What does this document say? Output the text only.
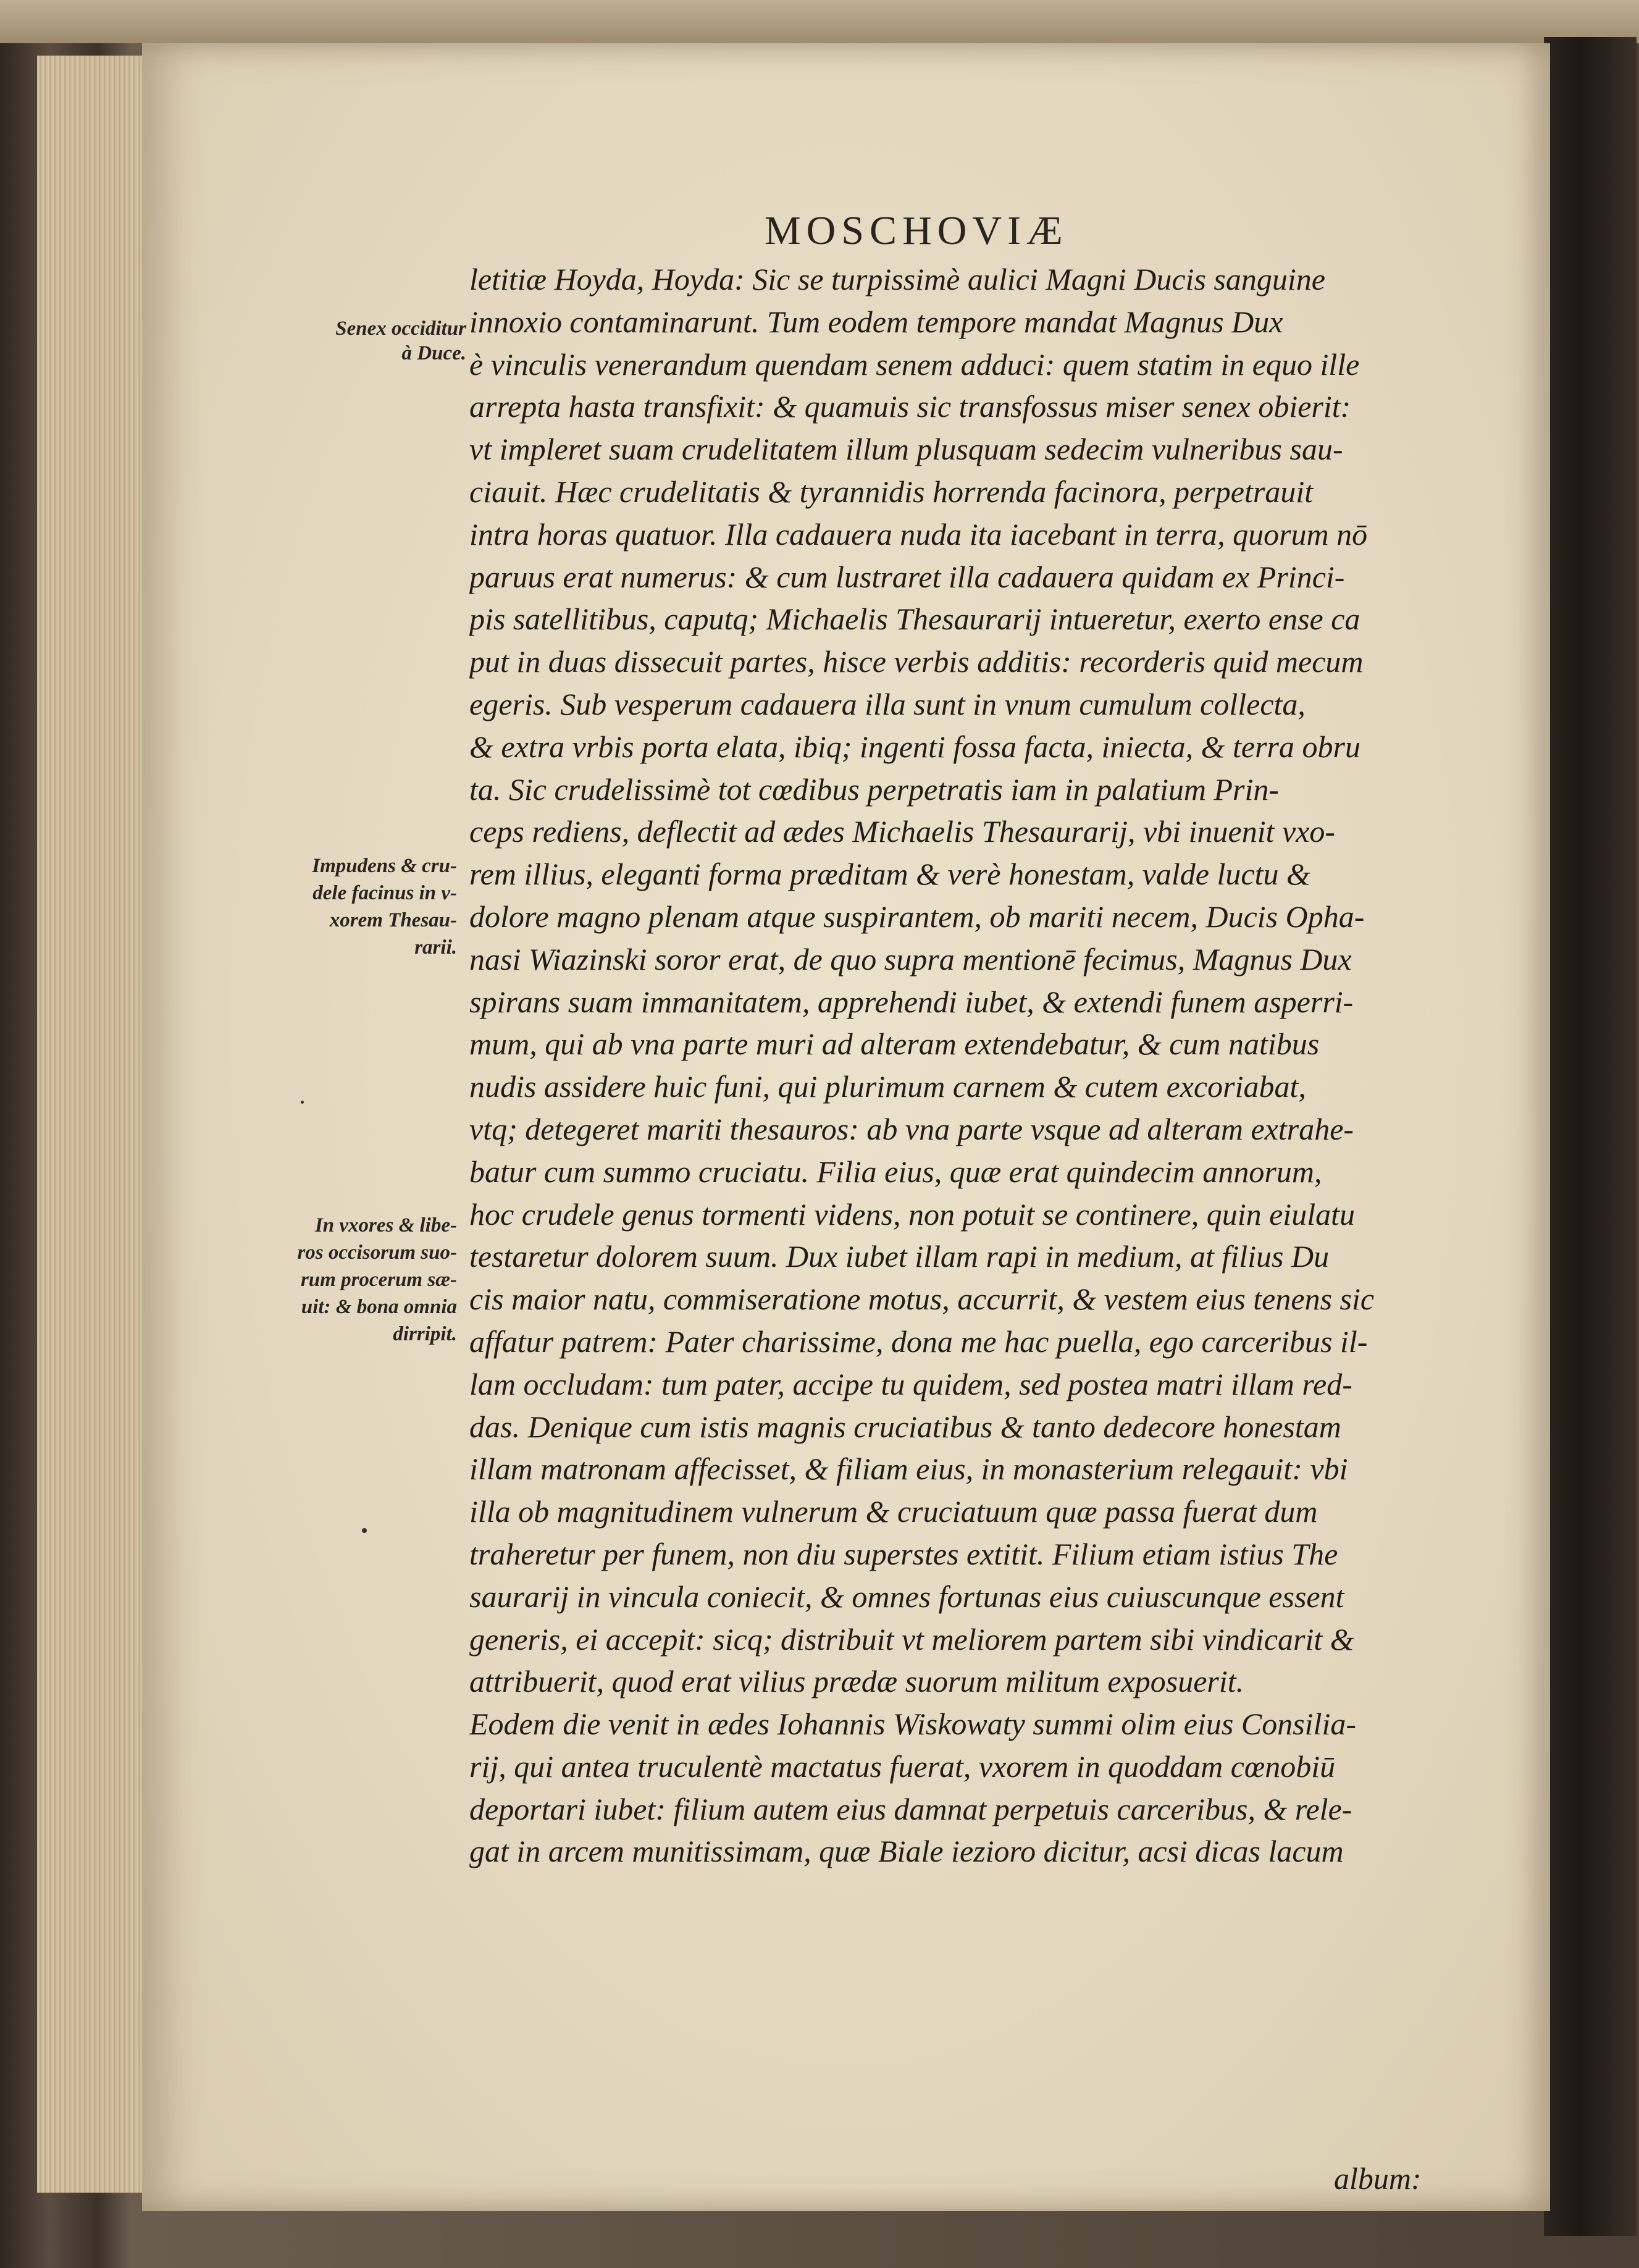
MOSCHOVIÆ
Senex occiditur
à Duce.
Impudens & cru-
dele facinus in v-
xorem Thesau-
rarii.
In vxores & libe-
ros occisorum suo-
rum procerum sæ-
uit: & bona omnia
dirripit.
letitiæ Hoyda, Hoyda: Sic se turpissimè aulici Magni Ducis sanguine
innoxio contaminarunt. Tum eodem tempore mandat Magnus Dux
è vinculis venerandum quendam senem adduci: quem statim in equo ille
arrepta hasta transfixit: & quamuis sic transfossus miser senex obierit:
vt impleret suam crudelitatem illum plusquam sedecim vulneribus sau-
ciauit. Hæc crudelitatis & tyrannidis horrenda facinora, perpetrauit
intra horas quatuor. Illa cadauera nuda ita iacebant in terra, quorum nō
paruus erat numerus: & cum lustraret illa cadauera quidam ex Princi-
pis satellitibus, caputq; Michaelis Thesaurarij intueretur, exerto ense ca
put in duas dissecuit partes, hisce verbis additis: recorderis quid mecum
egeris. Sub vesperum cadauera illa sunt in vnum cumulum collecta,
& extra vrbis porta elata, ibiq; ingenti fossa facta, iniecta, & terra obru
ta. Sic crudelissimè tot cœdibus perpetratis iam in palatium Prin-
ceps rediens, deflectit ad ædes Michaelis Thesaurarij, vbi inuenit vxo-
rem illius, eleganti forma præditam & verè honestam, valde luctu &
dolore magno plenam atque suspirantem, ob mariti necem, Ducis Opha-
nasi Wiazinski soror erat, de quo supra mentionē fecimus, Magnus Dux
spirans suam immanitatem, apprehendi iubet, & extendi funem asperri-
mum, qui ab vna parte muri ad alteram extendebatur, & cum natibus
nudis assidere huic funi, qui plurimum carnem & cutem excoriabat,
vtq; detegeret mariti thesauros: ab vna parte vsque ad alteram extrahe-
batur cum summo cruciatu. Filia eius, quæ erat quindecim annorum,
hoc crudele genus tormenti videns, non potuit se continere, quin eiulatu
testaretur dolorem suum. Dux iubet illam rapi in medium, at filius Du
cis maior natu, commiseratione motus, accurrit, & vestem eius tenens sic
affatur patrem: Pater charissime, dona me hac puella, ego carceribus il-
lam occludam: tum pater, accipe tu quidem, sed postea matri illam red-
das. Denique cum istis magnis cruciatibus & tanto dedecore honestam
illam matronam affecisset, & filiam eius, in monasterium relegauit: vbi
illa ob magnitudinem vulnerum & cruciatuum quæ passa fuerat dum
traheretur per funem, non diu superstes extitit. Filium etiam istius The
saurarij in vincula coniecit, & omnes fortunas eius cuiuscunque essent
generis, ei accepit: sicq; distribuit vt meliorem partem sibi vindicarit &
attribuerit, quod erat vilius prædæ suorum militum exposuerit.
Eodem die venit in ædes Iohannis Wiskowaty summi olim eius Consilia-
rij, qui antea truculentè mactatus fuerat, vxorem in quoddam cœnobiū
deportari iubet: filium autem eius damnat perpetuis carceribus, & rele-
gat in arcem munitissimam, quæ Biale iezioro dicitur, acsi dicas lacum
album:
